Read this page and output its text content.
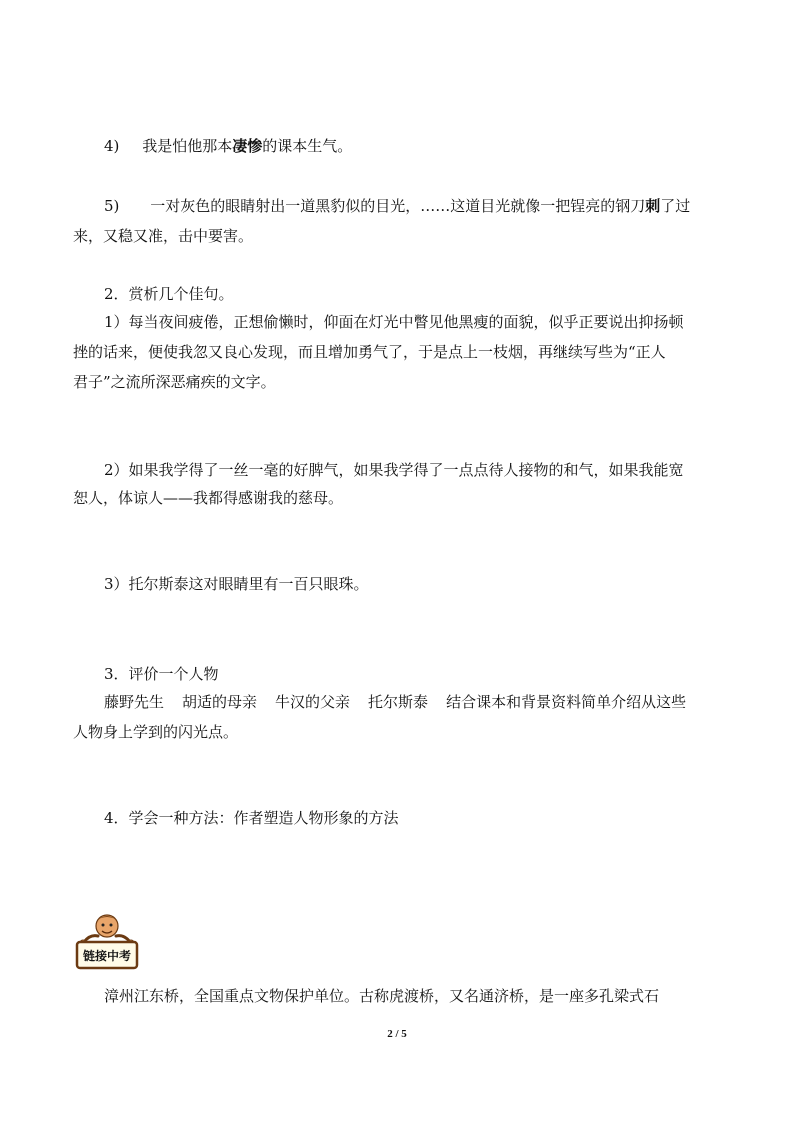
4) 我是怕他那本凄惨的课本生气。
5) 一对灰色的眼睛射出一道黑豹似的目光，……这道目光就像一把锃亮的钢刀刺了过
来，又稳又准，击中要害。
2．赏析几个佳句。
1）每当夜间疲倦，正想偷懒时，仰面在灯光中瞥见他黑瘦的面貌，似乎正要说出抑扬顿
挫的话来，便使我忽又良心发现，而且增加勇气了，于是点上一枝烟，再继续写些为“正人
君子”之流所深恶痛疾的文字。
2）如果我学得了一丝一毫的好脾气，如果我学得了一点点待人接物的和气，如果我能宽
恕人，体谅人——我都得感谢我的慈母。
3）托尔斯泰这对眼睛里有一百只眼珠。
3．评价一个人物
藤野先生 胡适的母亲 牛汉的父亲 托尔斯泰 结合课本和背景资料简单介绍从这些
人物身上学到的闪光点。
4．学会一种方法：作者塑造人物形象的方法
链接中考
漳州江东桥，全国重点文物保护单位。古称虎渡桥，又名通济桥，是一座多孔梁式石
2 / 5
